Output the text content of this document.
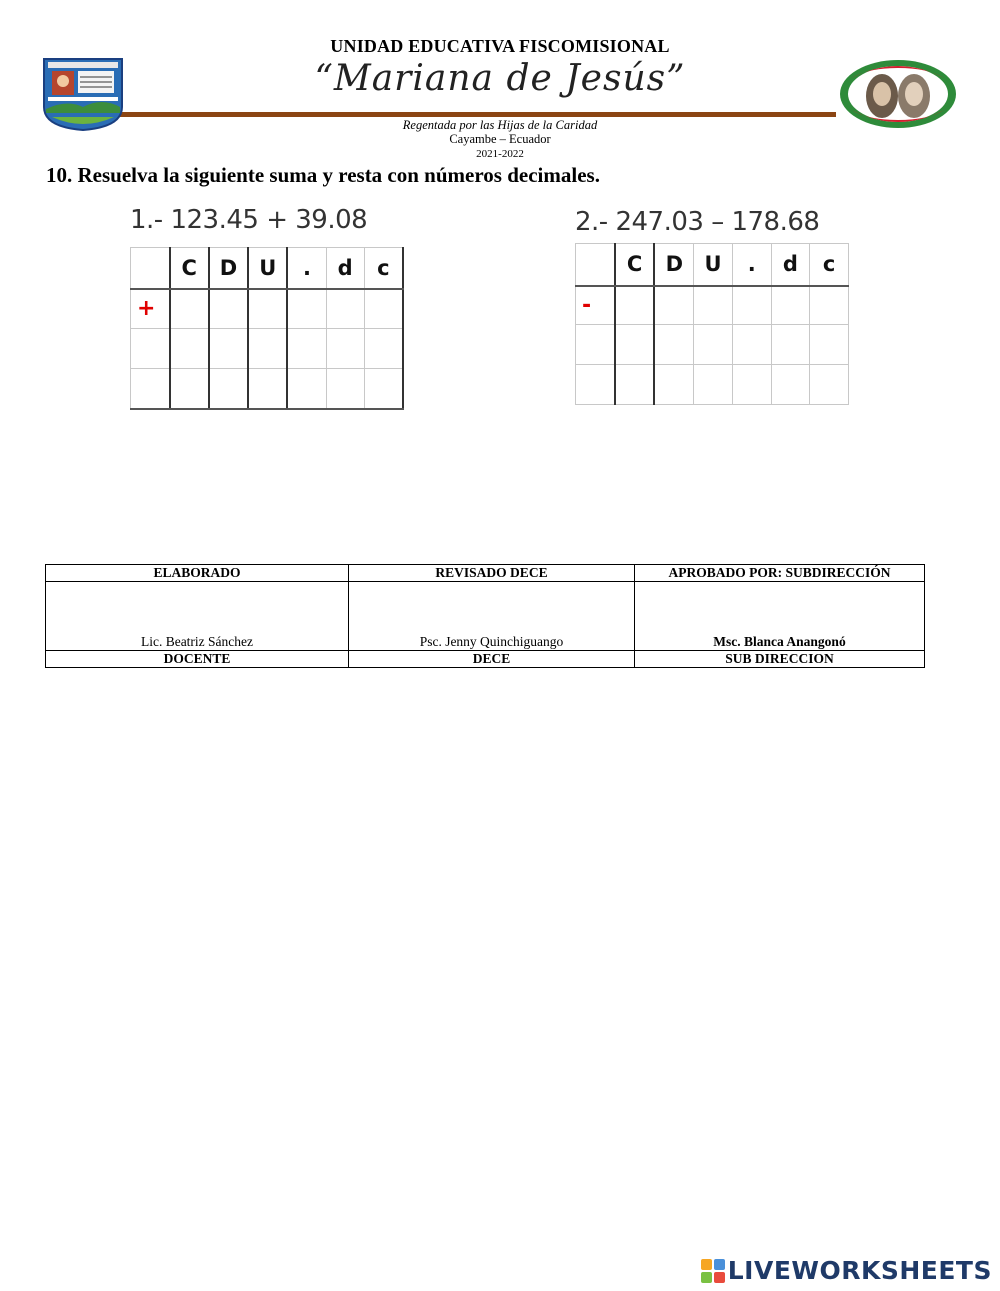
UNIDAD EDUCATIVA FISCOMISIONAL
“Mariana de Jesús”
Regentada por las Hijas de la Caridad
Cayambe – Ecuador
2021-2022
10. Resuelva la siguiente suma y resta con números decimales.
1.- 123.45 + 39.08
	C	D	U	.	d	c
+						

2.- 247.03 – 178.68
	C	D	U	.	d	c
-						

ELABORADO	REVISADO DECE	APROBADO POR: SUBDIRECCIÓN
Lic. Beatriz Sánchez	Psc. Jenny Quinchiguango	Msc. Blanca Anangonó
DOCENTE	DECE	SUB DIRECCION
LIVEWORKSHEETS
